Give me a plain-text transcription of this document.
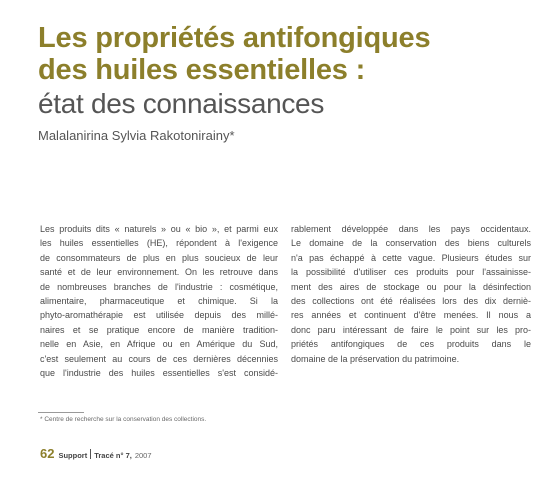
Les propriétés antifongiques
des huiles essentielles :
état des connaissances
Malalanirina Sylvia Rakotonirainy*
Les produits dits « naturels » ou « bio », et parmi eux
les huiles essentielles (HE), répondent à l'exigence
de consommateurs de plus en plus soucieux de leur
santé et de leur environnement. On les retrouve dans
de nombreuses branches de l'industrie : cosmétique,
alimentaire, pharmaceutique et chimique. Si la
phyto-aromathérapie est utilisée depuis des millé-
naires et se pratique encore de manière tradition-
nelle en Asie, en Afrique ou en Amérique du Sud,
c'est seulement au cours de ces dernières décennies
que l'industrie des huiles essentielles s'est considé-
rablement développée dans les pays occidentaux.
Le domaine de la conservation des biens culturels
n'a pas échappé à cette vague. Plusieurs études sur
la possibilité d'utiliser ces produits pour l'assainisse-
ment des aires de stockage ou pour la désinfection
des collections ont été réalisées lors des dix derniè-
res années et continuent d'être menées. Il nous a
donc paru intéressant de faire le point sur les pro-
priétés antifongiques de ces produits dans le
domaine de la préservation du patrimoine.
* Centre de recherche sur la conservation des collections.
62 Support Tracé n° 7, 2007
